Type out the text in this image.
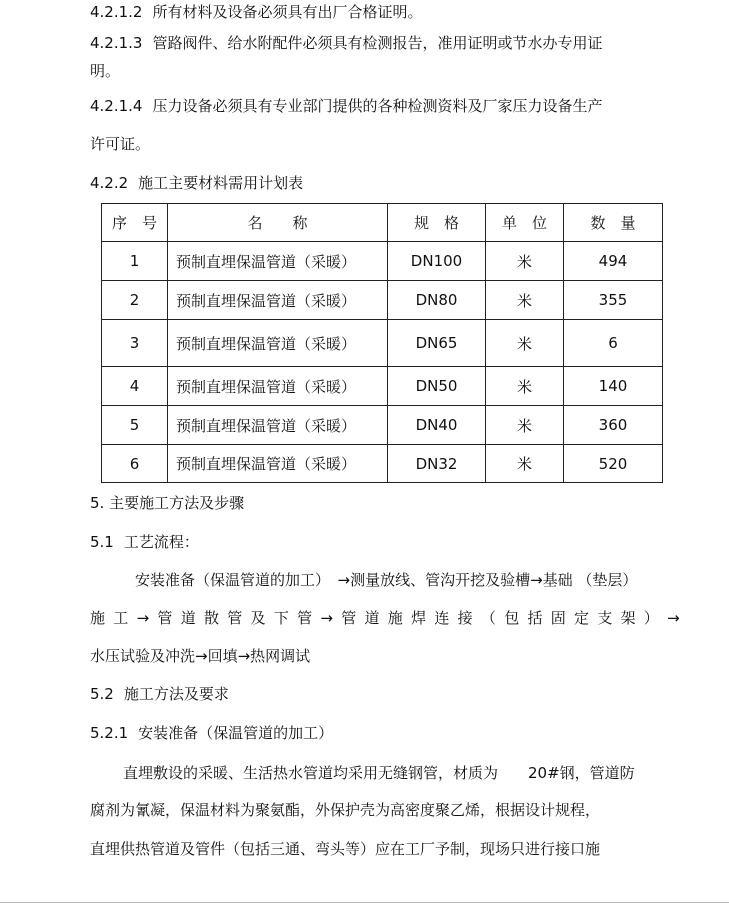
4.2.1.2 所有材料及设备必须具有出厂合格证明。
4.2.1.3 管路阀件、给水附配件必须具有检测报告，准用证明或节水办专用证
明。
4.2.1.4 压力设备必须具有专业部门提供的各种检测资料及厂家压力设备生产
许可证。
4.2.2 施工主要材料需用计划表
序　号	名　　称	规　格	单　位	数　量
1	预制直埋保温管道（采暖）	DN100	米	494
2	预制直埋保温管道（采暖）	DN80	米	355
3	预制直埋保温管道（采暖）	DN65	米	6
4	预制直埋保温管道（采暖）	DN50	米	140
5	预制直埋保温管道（采暖）	DN40	米	360
6	预制直埋保温管道（采暖）	DN32	米	520
5. 主要施工方法及步骤
5.1 工艺流程：
安装准备（保温管道的加工）　→测量放线、管沟开挖及验槽→基础 （垫层）
施 工 → 管 道 散 管 及 下 管 → 管 道 施 焊 连 接 （ 包 括 固 定 支 架 ） →
水压试验及冲洗→回填→热网调试
5.2 施工方法及要求
5.2.1 安装准备（保温管道的加工）
直埋敷设的采暖、生活热水管道均采用无缝钢管，材质为　　20#钢，管道防
腐剂为氰凝，保温材料为聚氨酯，外保护壳为高密度聚乙烯，根据设计规程，
直埋供热管道及管件（包括三通、弯头等）应在工厂予制，现场只进行接口施
